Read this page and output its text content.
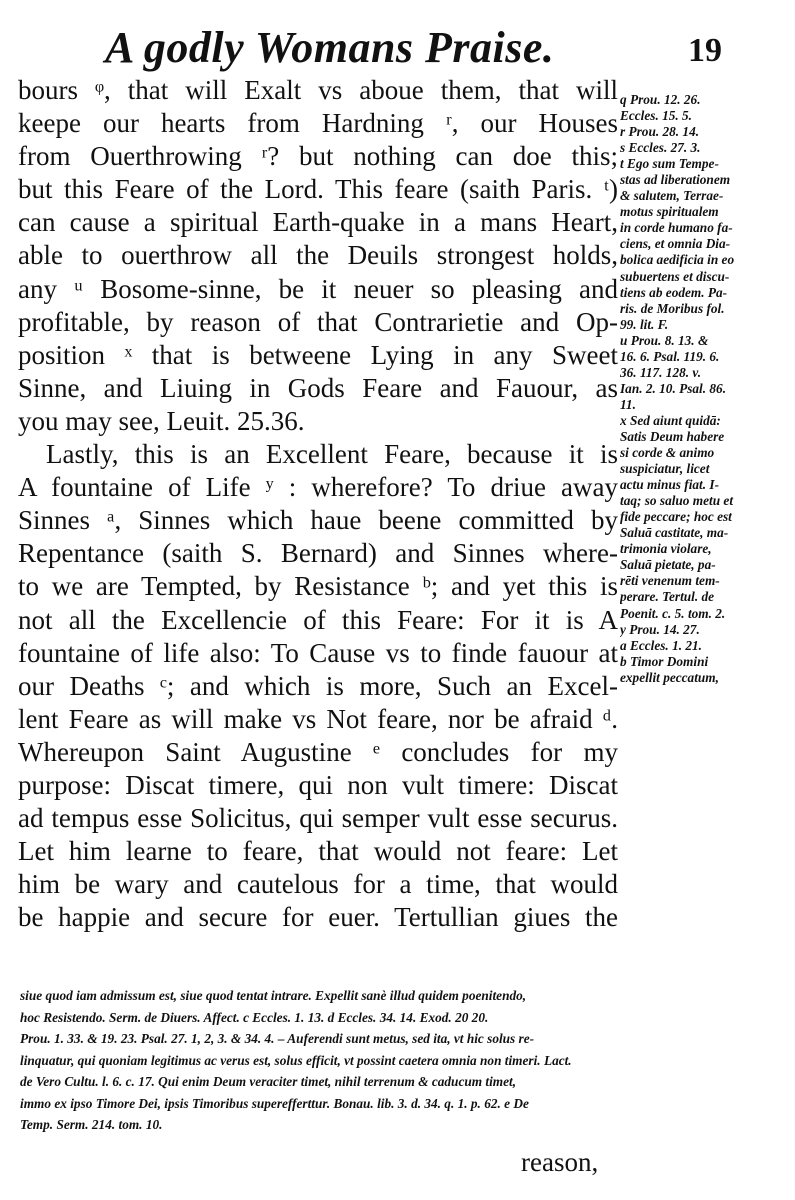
A godly Womans Praise.	19
bours ᵠ, that will Exalt vs aboue them, that will
keepe our hearts from Hardning ʳ, our Houses
from Ouerthrowing ʳ? but nothing can doe this;
but this Feare of the Lord. This feare (saith Paris. ᵗ)
can cause a spiritual Earth-quake in a mans Heart,
able to ouerthrow all the Deuils strongest holds,
any ᵘ Bosome-sinne, be it neuer so pleasing and
profitable, by reason of that Contrarietie and Op-
position ˣ that is betweene Lying in any Sweet
Sinne, and Liuing in Gods Feare and Fauour, as
you may see, Leuit. 25.36.
Lastly, this is an Excellent Feare, because it is
A fountaine of Life ʸ : wherefore? To driue away
Sinnes ᵃ, Sinnes which haue beene committed by
Repentance (saith S. Bernard) and Sinnes where-
to we are Tempted, by Resistance ᵇ; and yet this is
not all the Excellencie of this Feare: For it is A
fountaine of life also: To Cause vs to finde fauour at
our Deaths ᶜ; and which is more, Such an Excel-
lent Feare as will make vs Not feare, nor be afraid ᵈ.
Whereupon Saint Augustine ᵉ concludes for my
purpose: Discat timere, qui non vult timere: Discat
ad tempus esse Solicitus, qui semper vult esse securus.
Let him learne to feare, that would not feare: Let
him be wary and cautelous for a time, that would
be happie and secure for euer. Tertullian giues the
q Prou. 12. 26.
Eccles. 15. 5.
r Prou. 28. 14.
s Eccles. 27. 3.
t Ego sum Tempe-
stas ad liberationem
& salutem, Terrae-
motus spiritualem
in corde humano fa-
ciens, et omnia Dia-
bolica aedificia in eo
subuertens et discu-
tiens ab eodem. Pa-
ris. de Moribus fol.
99. lit. F.
u Prou. 8. 13. &
16. 6. Psal. 119. 6.
36. 117. 128. v.
Ian. 2. 10. Psal. 86.
11.
x Sed aiunt quidā:
Satis Deum habere
si corde & animo
suspiciatur, licet
actu minus fiat. I-
taq; so saluo metu et
fide peccare; hoc est
Saluā castitate, ma-
trimonia violare,
Saluā pietate, pa-
rēti venenum tem-
perare. Tertul. de
Poenit. c. 5. tom. 2.
y Prou. 14. 27.
a Eccles. 1. 21.
b Timor Domini
expellit peccatum,
siue quod iam admissum est, siue quod tentat intrare. Expellit sanè illud quidem poenitendo,
hoc Resistendo. Serm. de Diuers. Affect. c Eccles. 1. 13. d Eccles. 34. 14. Exod. 20 20.
Prou. 1. 33. & 19. 23. Psal. 27. 1, 2, 3. & 34. 4. – Auferendi sunt metus, sed ita, vt hic solus re-
linquatur, qui quoniam legitimus ac verus est, solus efficit, vt possint caetera omnia non timeri. Lact.
de Vero Cultu. l. 6. c. 17. Qui enim Deum veraciter timet, nihil terrenum & caducum timet,
immo ex ipso Timore Dei, ipsis Timoribus superefferttur. Bonau. lib. 3. d. 34. q. 1. p. 62. e De
Temp. Serm. 214. tom. 10.
reason,
